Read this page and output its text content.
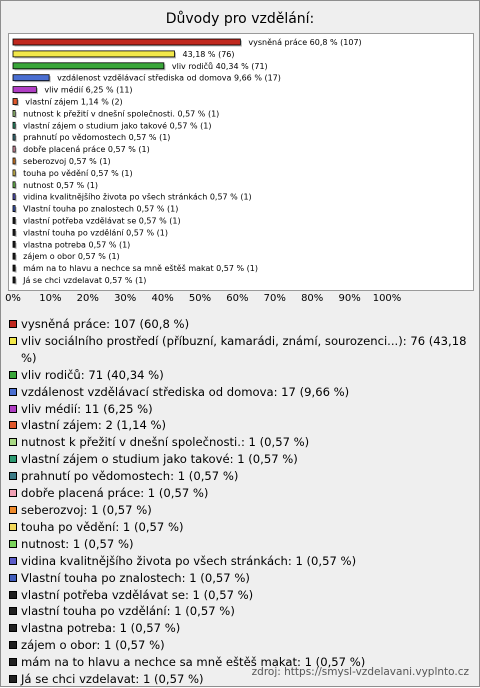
Důvody pro vzdělání:
vysněná práce 60,8 % (107)
43,18 % (76)
vliv rodičů 40,34 % (71)
vzdálenost vzdělávací střediska od domova 9,66 % (17)
vliv médií 6,25 % (11)
vlastní zájem 1,14 % (2)
nutnost k přežití v dnešní společnosti. 0,57 % (1)
vlastní zájem o studium jako takové 0,57 % (1)
prahnutí po vědomostech 0,57 % (1)
dobře placená práce 0,57 % (1)
seberozvoj 0,57 % (1)
touha po vědění 0,57 % (1)
nutnost 0,57 % (1)
vidina kvalitnějšího života po všech stránkách 0,57 % (1)
Vlastní touha po znalostech 0,57 % (1)
vlastní potřeba vzdělávat se 0,57 % (1)
vlastní touha po vzdělání 0,57 % (1)
vlastna potreba 0,57 % (1)
zájem o obor 0,57 % (1)
mám na to hlavu a nechce sa mně eštěš makat 0,57 % (1)
Já se chci vzdelavat 0,57 % (1)
0% 10% 20% 30% 40% 50% 60% 70% 80% 90% 100%
vysněná práce: 107 (60,8 %)
vliv sociálního prostředí (příbuzní, kamarádi, známí, sourozenci...): 76 (43,18 %)
vliv rodičů: 71 (40,34 %)
vzdálenost vzdělávací střediska od domova: 17 (9,66 %)
vliv médií: 11 (6,25 %)
vlastní zájem: 2 (1,14 %)
nutnost k přežití v dnešní společnosti.: 1 (0,57 %)
vlastní zájem o studium jako takové: 1 (0,57 %)
prahnutí po vědomostech: 1 (0,57 %)
dobře placená práce: 1 (0,57 %)
seberozvoj: 1 (0,57 %)
touha po vědění: 1 (0,57 %)
nutnost: 1 (0,57 %)
vidina kvalitnějšího života po všech stránkách: 1 (0,57 %)
Vlastní touha po znalostech: 1 (0,57 %)
vlastní potřeba vzdělávat se: 1 (0,57 %)
vlastní touha po vzdělání: 1 (0,57 %)
vlastna potreba: 1 (0,57 %)
zájem o obor: 1 (0,57 %)
mám na to hlavu a nechce sa mně eštěš makat: 1 (0,57 %)
Já se chci vzdelavat: 1 (0,57 %)
zdroj: https://smysl-vzdelavani.vyplnto.cz
